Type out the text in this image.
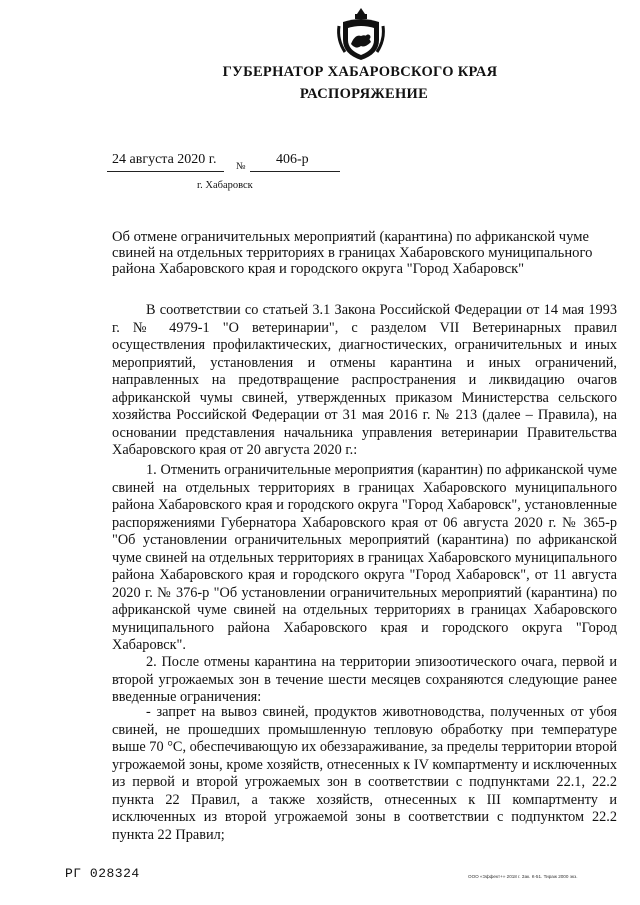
ГУБЕРНАТОР ХАБАРОВСКОГО КРАЯ
РАСПОРЯЖЕНИЕ
24 августа 2020 г. № 406-р
г. Хабаровск
Об отмене ограничительных мероприятий (карантина) по африканской чуме свиней на отдельных территориях в границах Хабаровского муниципального района Хабаровского края и городского округа "Город Хабаровск"

В соответствии со статьей 3.1 Закона Российской Федерации от 14 мая 1993 г. № 4979-1 "О ветеринарии", с разделом VII Ветеринарных правил осуществления профилактических, диагностических, ограничительных и иных мероприятий, установления и отмены карантина и иных ограничений, направленных на предотвращение распространения и ликвидацию очагов африканской чумы свиней, утвержденных приказом Министерства сельского хозяйства Российской Федерации от 31 мая 2016 г. № 213 (далее – Правила), на основании представления начальника управления ветеринарии Правительства Хабаровского края от 20 августа 2020 г.:

1. Отменить ограничительные мероприятия (карантин) по африканской чуме свиней на отдельных территориях в границах Хабаровского муниципального района Хабаровского края и городского округа "Город Хабаровск", установленные распоряжениями Губернатора Хабаровского края от 06 августа 2020 г. № 365-р "Об установлении ограничительных мероприятий (карантина) по африканской чуме свиней на отдельных территориях в границах Хабаровского муниципального района Хабаровского края и городского округа "Город Хабаровск", от 11 августа 2020 г. № 376-р "Об установлении ограничительных мероприятий (карантина) по африканской чуме свиней на отдельных территориях в границах Хабаровского муниципального района Хабаровского края и городского округа "Город Хабаровск".

2. После отмены карантина на территории эпизоотического очага, первой и второй угрожаемых зон в течение шести месяцев сохраняются следующие ранее введенные ограничения:

- запрет на вывоз свиней, продуктов животноводства, полученных от убоя свиней, не прошедших промышленную тепловую обработку при температуре выше 70 °С, обеспечивающую их обеззараживание, за пределы территории второй угрожаемой зоны, кроме хозяйств, отнесенных к IV компартменту и исключенных из первой и второй угрожаемых зон в соответствии с подпунктами 22.1, 22.2 пункта 22 Правил, а также хозяйств, отнесенных к III компартменту и исключенных из второй угрожаемой зоны в соответствии с подпунктом 22.2 пункта 22 Правил;

РГ 028324	ООО «Эффект+» 2018 г. Зак. К-51. Тираж 2000 экз.
